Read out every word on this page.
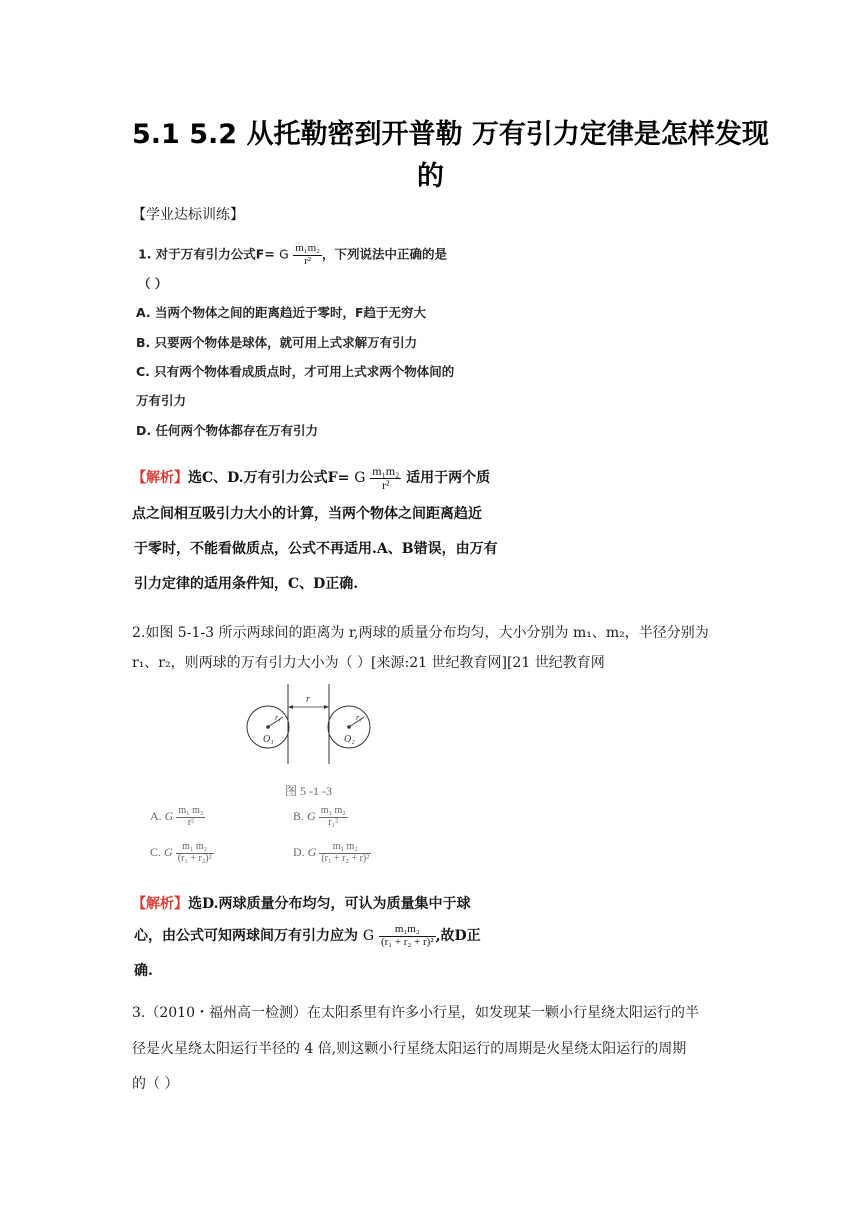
5.1 5.2 从托勒密到开普勒 万有引力定律是怎样发现
的
【学业达标训练】
1. 对于万有引力公式F= G $\frac{\text{m₁m₂}}{\text{r²}}$ ，下列说法中正确的是
（ ）
A. 当两个物体之间的距离趋近于零时，F趋于无穷大
B. 只要两个物体是球体，就可用上式求解万有引力
C. 只有两个物体看成质点时，才可用上式求两个物体间的
万有引力
D. 任何两个物体都存在万有引力
【解析】选C、D.万有引力公式F= G $\frac{\text{m₁m₂}}{\text{r²}}$ 适用于两个质
点之间相互吸引力大小的计算，当两个物体之间距离趋近
于零时，不能看做质点，公式不再适用.A、B错误，由万有
引力定律的适用条件知，C、D正确.
2.如图 5-1-3 所示两球间的距离为 r,两球的质量分布均匀，大小分别为 m₁、m₂，半径分别为
r₁、r₂，则两球的万有引力大小为（ ）[来源:21 世纪教育网][21 世纪教育网
r
O₁
r₁
O₂
r₂
图 5 -1 -3
A. G $\frac{\text{m₁ m₂}}{\text{r²}}$	B. G $\frac{\text{m₁ m₂}}{\text{r₁²}}$
C. G $\frac{\text{m₁ m₂}}{\text{(r₁ + r₂)²}}$	D. G $\frac{\text{m₁ m₂}}{\text{(r₁ + r₂ + r)²}}$
【解析】选D.两球质量分布均匀，可认为质量集中于球
心，由公式可知两球间万有引力应为 G $\frac{\text{m₁m₂}}{\text{(r₁ + r₂ + r)²}}$ ,故D正
确.
3.（2010・福州高一检测）在太阳系里有许多小行星，如发现某一颗小行星绕太阳运行的半
径是火星绕太阳运行半径的 4 倍,则这颗小行星绕太阳运行的周期是火星绕太阳运行的周期
的（ ）
